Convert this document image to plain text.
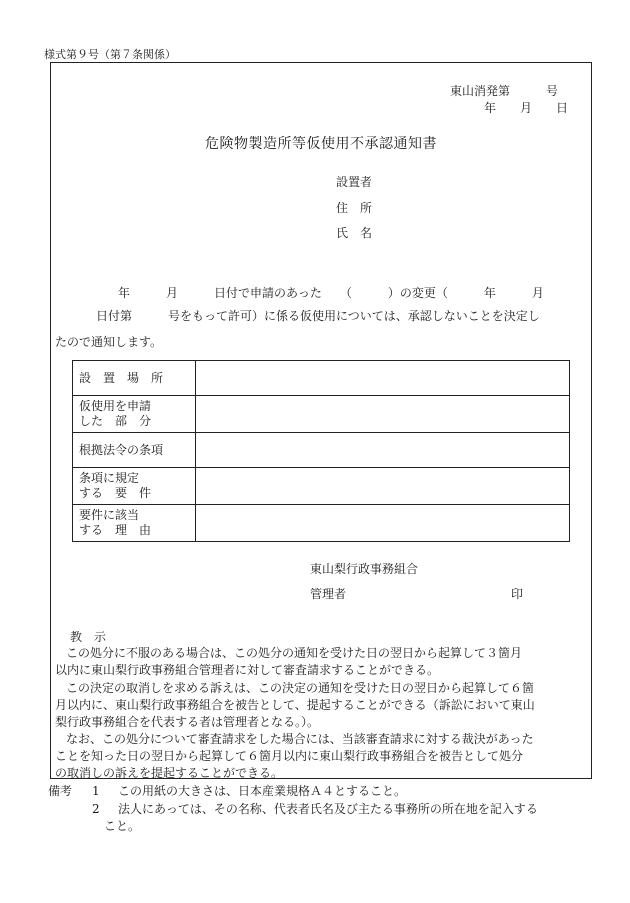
様式第９号（第７条関係）
東山消発第　　　号
年　　月　　日
危険物製造所等仮使用不承認通知書
設置者
住　所
氏　名
年　　　月　　　日付で申請のあった　　（　　　）の変更（　　　年　　　月
日付第　　　号をもって許可）に係る仮使用については、承認しないことを決定し
たので通知します。
設　置　場　所	

仮使用を申請
した　部　分	

根拠法令の条項	

条項に規定
する　要　件	

要件に該当
する　理　由	

東山梨行政事務組合
管理者	印
教　示
この処分に不服のある場合は、この処分の通知を受けた日の翌日から起算して３箇月
以内に東山梨行政事務組合管理者に対して審査請求することができる。
この決定の取消しを求める訴えは、この決定の通知を受けた日の翌日から起算して６箇
月以内に、東山梨行政事務組合を被告として、提起することができる（訴訟において東山
梨行政事務組合を代表する者は管理者となる。）。
なお、この処分について審査請求をした場合には、当該審査請求に対する裁決があった
ことを知った日の翌日から起算して６箇月以内に東山梨行政事務組合を被告として処分
の取消しの訴えを提起することができる。
備考 1 この用紙の大きさは、日本産業規格Ａ４とすること。
2 法人にあっては、その名称、代表者氏名及び主たる事務所の所在地を記入する
こと。
